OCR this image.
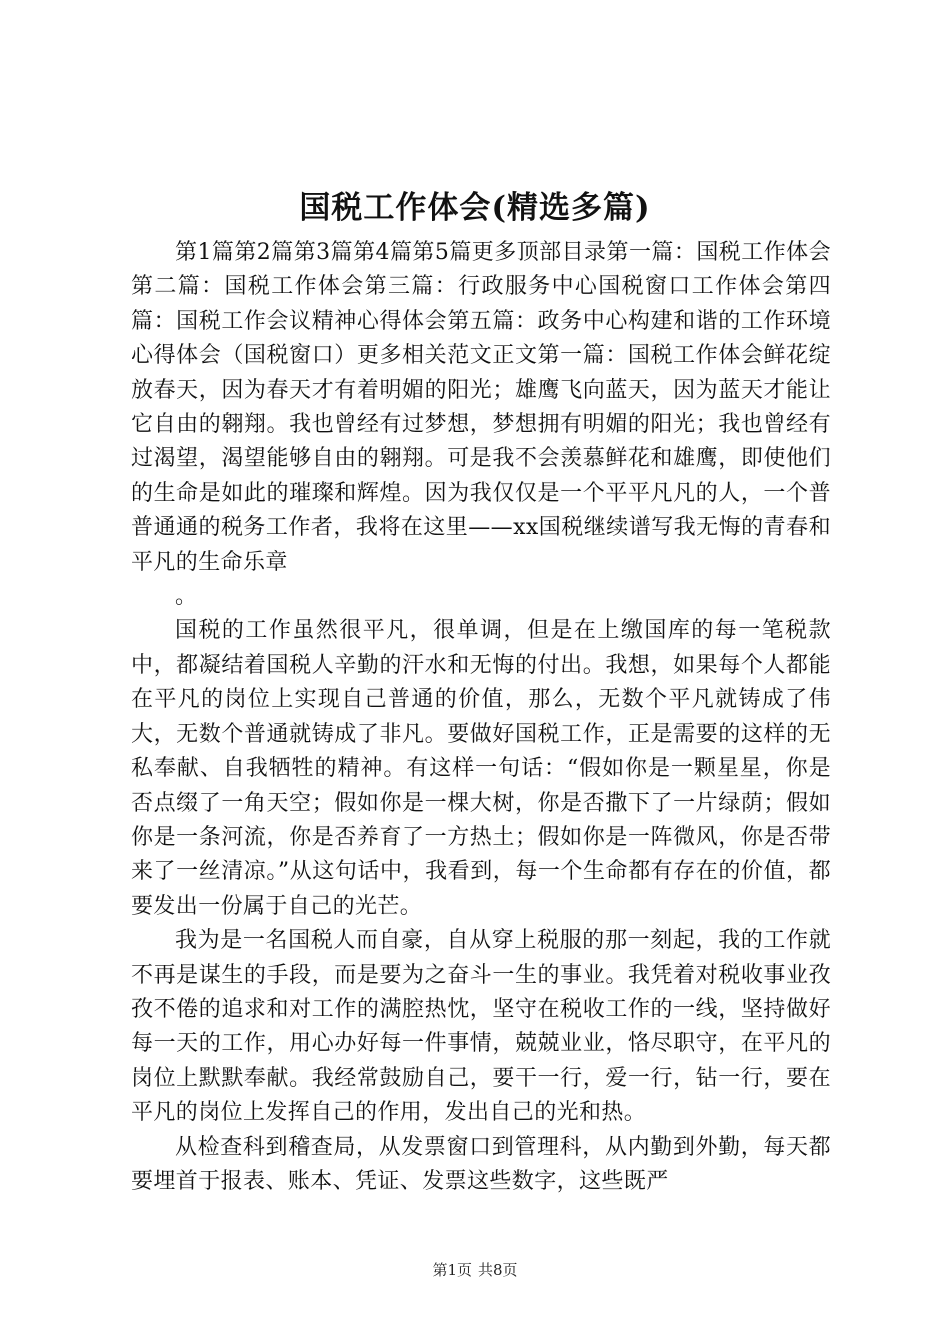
国税工作体会(精选多篇)

第1篇第2篇第3篇第4篇第5篇更多顶部目录第一篇：国税工作体会第二篇：国税工作体会第三篇：行政服务中心国税窗口工作体会第四篇：国税工作会议精神心得体会第五篇：政务中心构建和谐的工作环境心得体会（国税窗口）更多相关范文正文第一篇：国税工作体会鲜花绽放春天，因为春天才有着明媚的阳光；雄鹰飞向蓝天，因为蓝天才能让它自由的翱翔。我也曾经有过梦想，梦想拥有明媚的阳光；我也曾经有过渴望，渴望能够自由的翱翔。可是我不会羡慕鲜花和雄鹰，即使他们的生命是如此的璀璨和辉煌。因为我仅仅是一个平平凡凡的人，一个普普通通的税务工作者，我将在这里——xx国税继续谱写我无悔的青春和平凡的生命乐章

。

国税的工作虽然很平凡，很单调，但是在上缴国库的每一笔税款中，都凝结着国税人辛勤的汗水和无悔的付出。我想，如果每个人都能在平凡的岗位上实现自己普通的价值，那么，无数个平凡就铸成了伟大，无数个普通就铸成了非凡。要做好国税工作，正是需要的这样的无私奉献、自我牺牲的精神。有这样一句话：“假如你是一颗星星，你是否点缀了一角天空；假如你是一棵大树，你是否撒下了一片绿荫；假如你是一条河流，你是否养育了一方热土；假如你是一阵微风，你是否带来了一丝清凉。”从这句话中，我看到，每一个生命都有存在的价值，都要发出一份属于自己的光芒。

我为是一名国税人而自豪，自从穿上税服的那一刻起，我的工作就不再是谋生的手段，而是要为之奋斗一生的事业。我凭着对税收事业孜孜不倦的追求和对工作的满腔热忱，坚守在税收工作的一线，坚持做好每一天的工作，用心办好每一件事情，兢兢业业，恪尽职守，在平凡的岗位上默默奉献。我经常鼓励自己，要干一行，爱一行，钻一行，要在平凡的岗位上发挥自己的作用，发出自己的光和热。

从检查科到稽查局，从发票窗口到管理科，从内勤到外勤，每天都要埋首于报表、账本、凭证、发票这些数字，这些既严

第1页 共8页
